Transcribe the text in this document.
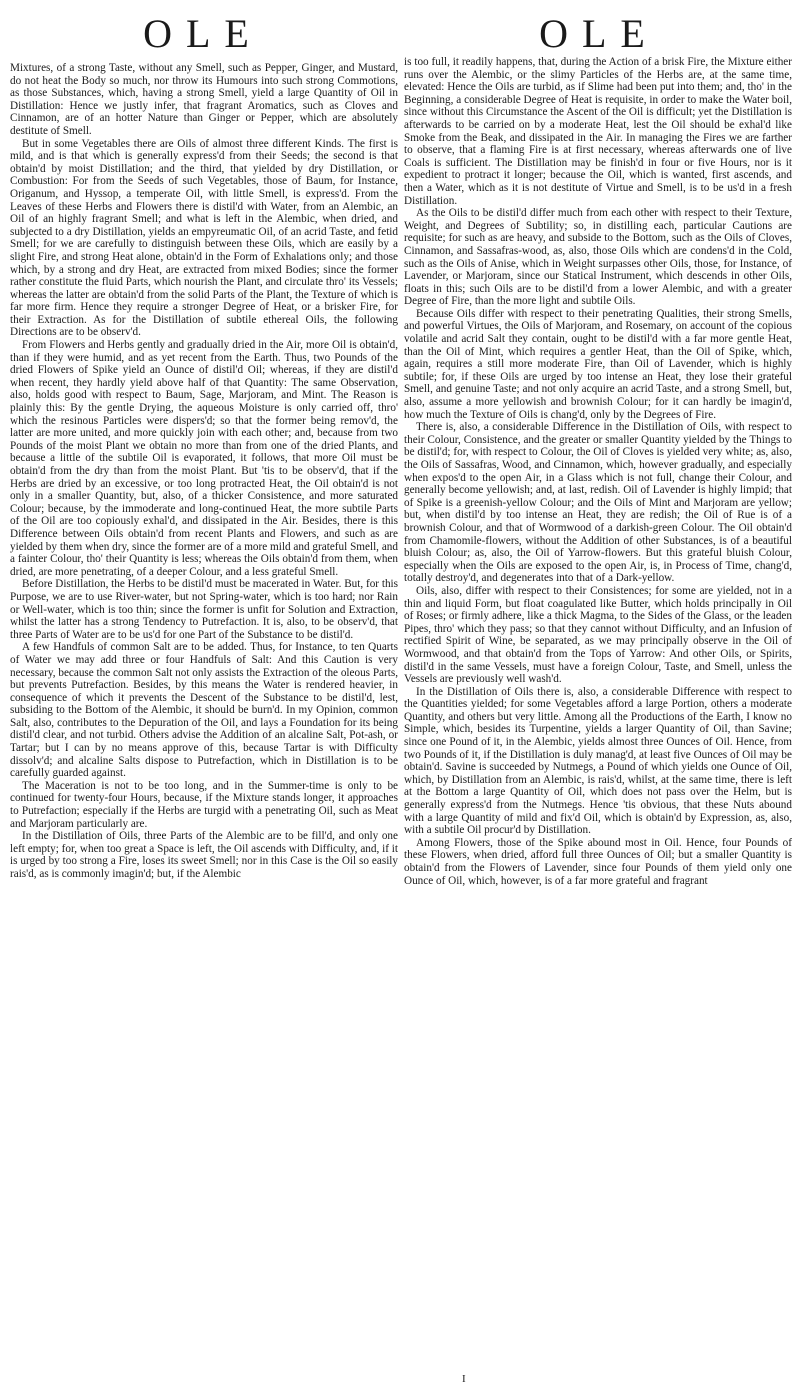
OLE	OLE

Mixtures, of a strong Taste, without any Smell, such as Pepper, Ginger, and Mustard, do not heat the Body so much, nor throw its Humours into such strong Commotions, as those Substances, which, having a strong Smell, yield a large Quantity of Oil in Distillation: Hence we justly infer, that fragrant Aromatics, such as Cloves and Cinnamon, are of an hotter Nature than Ginger or Pepper, which are absolutely destitute of Smell.

But in some Vegetables there are Oils of almost three different Kinds. The first is mild, and is that which is generally express'd from their Seeds; the second is that obtain'd by moist Distillation; and the third, that yielded by dry Distillation, or Combustion: For from the Seeds of such Vegetables, those of Baum, for Instance, Origanum, and Hyssop, a temperate Oil, with little Smell, is express'd. From the Leaves of these Herbs and Flowers there is distil'd with Water, from an Alembic, an Oil of an highly fragrant Smell; and what is left in the Alembic, when dried, and subjected to a dry Distillation, yields an empyreumatic Oil, of an acrid Taste, and fetid Smell; for we are carefully to distinguish between these Oils, which are easily by a slight Fire, and strong Heat alone, obtain'd in the Form of Exhalations only; and those which, by a strong and dry Heat, are extracted from mixed Bodies; since the former rather constitute the fluid Parts, which nourish the Plant, and circulate thro' its Vessels; whereas the latter are obtain'd from the solid Parts of the Plant, the Texture of which is far more firm. Hence they require a stronger Degree of Heat, or a brisker Fire, for their Extraction. As for the Distillation of subtile ethereal Oils, the following Directions are to be observ'd.

From Flowers and Herbs gently and gradually dried in the Air, more Oil is obtain'd, than if they were humid, and as yet recent from the Earth. Thus, two Pounds of the dried Flowers of Spike yield an Ounce of distil'd Oil; whereas, if they are distil'd when recent, they hardly yield above half of that Quantity: The same Observation, also, holds good with respect to Baum, Sage, Marjoram, and Mint. The Reason is plainly this: By the gentle Drying, the aqueous Moisture is only carried off, thro' which the resinous Particles were dispers'd; so that the former being remov'd, the latter are more united, and more quickly join with each other; and, because from two Pounds of the moist Plant we obtain no more than from one of the dried Plants, and because a little of the subtile Oil is evaporated, it follows, that more Oil must be obtain'd from the dry than from the moist Plant. But 'tis to be observ'd, that if the Herbs are dried by an excessive, or too long protracted Heat, the Oil obtain'd is not only in a smaller Quantity, but, also, of a thicker Consistence, and more saturated Colour; because, by the immoderate and long-continued Heat, the more subtile Parts of the Oil are too copiously exhal'd, and dissipated in the Air. Besides, there is this Difference between Oils obtain'd from recent Plants and Flowers, and such as are yielded by them when dry, since the former are of a more mild and grateful Smell, and a fainter Colour, tho' their Quantity is less; whereas the Oils obtain'd from them, when dried, are more penetrating, of a deeper Colour, and a less grateful Smell.

Before Distillation, the Herbs to be distil'd must be macerated in Water. But, for this Purpose, we are to use River-water, but not Spring-water, which is too hard; nor Rain or Well-water, which is too thin; since the former is unfit for Solution and Extraction, whilst the latter has a strong Tendency to Putrefaction. It is, also, to be observ'd, that three Parts of Water are to be us'd for one Part of the Substance to be distil'd.

A few Handfuls of common Salt are to be added. Thus, for Instance, to ten Quarts of Water we may add three or four Handfuls of Salt: And this Caution is very necessary, because the common Salt not only assists the Extraction of the oleous Parts, but prevents Putrefaction. Besides, by this means the Water is rendered heavier, in consequence of which it prevents the Descent of the Substance to be distil'd, lest, subsiding to the Bottom of the Alembic, it should be burn'd. In my Opinion, common Salt, also, contributes to the Depuration of the Oil, and lays a Foundation for its being distil'd clear, and not turbid. Others advise the Addition of an alcaline Salt, Pot-ash, or Tartar; but I can by no means approve of this, because Tartar is with Difficulty dissolv'd; and alcaline Salts dispose to Putrefaction, which in Distillation is to be carefully guarded against.

The Maceration is not to be too long, and in the Summer-time is only to be continued for twenty-four Hours, because, if the Mixture stands longer, it approaches to Putrefaction; especially if the Herbs are turgid with a penetrating Oil, such as Meat and Marjoram particularly are.

In the Distillation of Oils, three Parts of the Alembic are to be fill'd, and only one left empty; for, when too great a Space is left, the Oil ascends with Difficulty, and, if it is urged by too strong a Fire, loses its sweet Smell; nor in this Case is the Oil so easily rais'd, as is commonly imagin'd; but, if the Alembic

is too full, it readily happens, that, during the Action of a brisk Fire, the Mixture either runs over the Alembic, or the slimy Particles of the Herbs are, at the same time, elevated: Hence the Oils are turbid, as if Slime had been put into them; and, tho' in the Beginning, a considerable Degree of Heat is requisite, in order to make the Water boil, since without this Circumstance the Ascent of the Oil is difficult; yet the Distillation is afterwards to be carried on by a moderate Heat, lest the Oil should be exhal'd like Smoke from the Beak, and dissipated in the Air. In managing the Fires we are farther to observe, that a flaming Fire is at first necessary, whereas afterwards one of live Coals is sufficient. The Distillation may be finish'd in four or five Hours, nor is it expedient to protract it longer; because the Oil, which is wanted, first ascends, and then a Water, which as it is not destitute of Virtue and Smell, is to be us'd in a fresh Distillation.

As the Oils to be distil'd differ much from each other with respect to their Texture, Weight, and Degrees of Subtility; so, in distilling each, particular Cautions are requisite; for such as are heavy, and subside to the Bottom, such as the Oils of Cloves, Cinnamon, and Sassafras-wood, as, also, those Oils which are condens'd in the Cold, such as the Oils of Anise, which in Weight surpasses other Oils, those, for Instance, of Lavender, or Marjoram, since our Statical Instrument, which descends in other Oils, floats in this; such Oils are to be distil'd from a lower Alembic, and with a greater Degree of Fire, than the more light and subtile Oils.

Because Oils differ with respect to their penetrating Qualities, their strong Smells, and powerful Virtues, the Oils of Marjoram, and Rosemary, on account of the copious volatile and acrid Salt they contain, ought to be distil'd with a far more gentle Heat, than the Oil of Mint, which requires a gentler Heat, than the Oil of Spike, which, again, requires a still more moderate Fire, than Oil of Lavender, which is highly subtile; for, if these Oils are urged by too intense an Heat, they lose their grateful Smell, and genuine Taste; and not only acquire an acrid Taste, and a strong Smell, but, also, assume a more yellowish and brownish Colour; for it can hardly be imagin'd, how much the Texture of Oils is chang'd, only by the Degrees of Fire.

There is, also, a considerable Difference in the Distillation of Oils, with respect to their Colour, Consistence, and the greater or smaller Quantity yielded by the Things to be distil'd; for, with respect to Colour, the Oil of Cloves is yielded very white; as, also, the Oils of Sassafras, Wood, and Cinnamon, which, however gradually, and especially when expos'd to the open Air, in a Glass which is not full, change their Colour, and generally become yellowish; and, at last, redish. Oil of Lavender is highly limpid; that of Spike is a greenish-yellow Colour; and the Oils of Mint and Marjoram are yellow; but, when distil'd by too intense an Heat, they are redish; the Oil of Rue is of a brownish Colour, and that of Wormwood of a darkish-green Colour. The Oil obtain'd from Chamomile-flowers, without the Addition of other Substances, is of a beautiful bluish Colour; as, also, the Oil of Yarrow-flowers. But this grateful bluish Colour, especially when the Oils are exposed to the open Air, is, in Process of Time, chang'd, totally destroy'd, and degenerates into that of a Dark-yellow.

Oils, also, differ with respect to their Consistences; for some are yielded, not in a thin and liquid Form, but float coagulated like Butter, which holds principally in Oil of Roses; or firmly adhere, like a thick Magma, to the Sides of the Glass, or the leaden Pipes, thro' which they pass; so that they cannot without Difficulty, and an Infusion of rectified Spirit of Wine, be separated, as we may principally observe in the Oil of Wormwood, and that obtain'd from the Tops of Yarrow: And other Oils, or Spirits, distil'd in the same Vessels, must have a foreign Colour, Taste, and Smell, unless the Vessels are previously well wash'd.

In the Distillation of Oils there is, also, a considerable Difference with respect to the Quantities yielded; for some Vegetables afford a large Portion, others a moderate Quantity, and others but very little. Among all the Productions of the Earth, I know no Simple, which, besides its Turpentine, yields a larger Quantity of Oil, than Savine; since one Pound of it, in the Alembic, yields almost three Ounces of Oil. Hence, from two Pounds of it, if the Distillation is duly manag'd, at least five Ounces of Oil may be obtain'd. Savine is succeeded by Nutmegs, a Pound of which yields one Ounce of Oil, which, by Distillation from an Alembic, is rais'd, whilst, at the same time, there is left at the Bottom a large Quantity of Oil, which does not pass over the Helm, but is generally express'd from the Nutmegs. Hence 'tis obvious, that these Nuts abound with a large Quantity of mild and fix'd Oil, which is obtain'd by Expression, as, also, with a subtile Oil procur'd by Distillation.

Among Flowers, those of the Spike abound most in Oil. Hence, four Pounds of these Flowers, when dried, afford full three Ounces of Oil; but a smaller Quantity is obtain'd from the Flowers of Lavender, since four Pounds of them yield only one Ounce of Oil, which, however, is of a far more grateful and fragrant

I
